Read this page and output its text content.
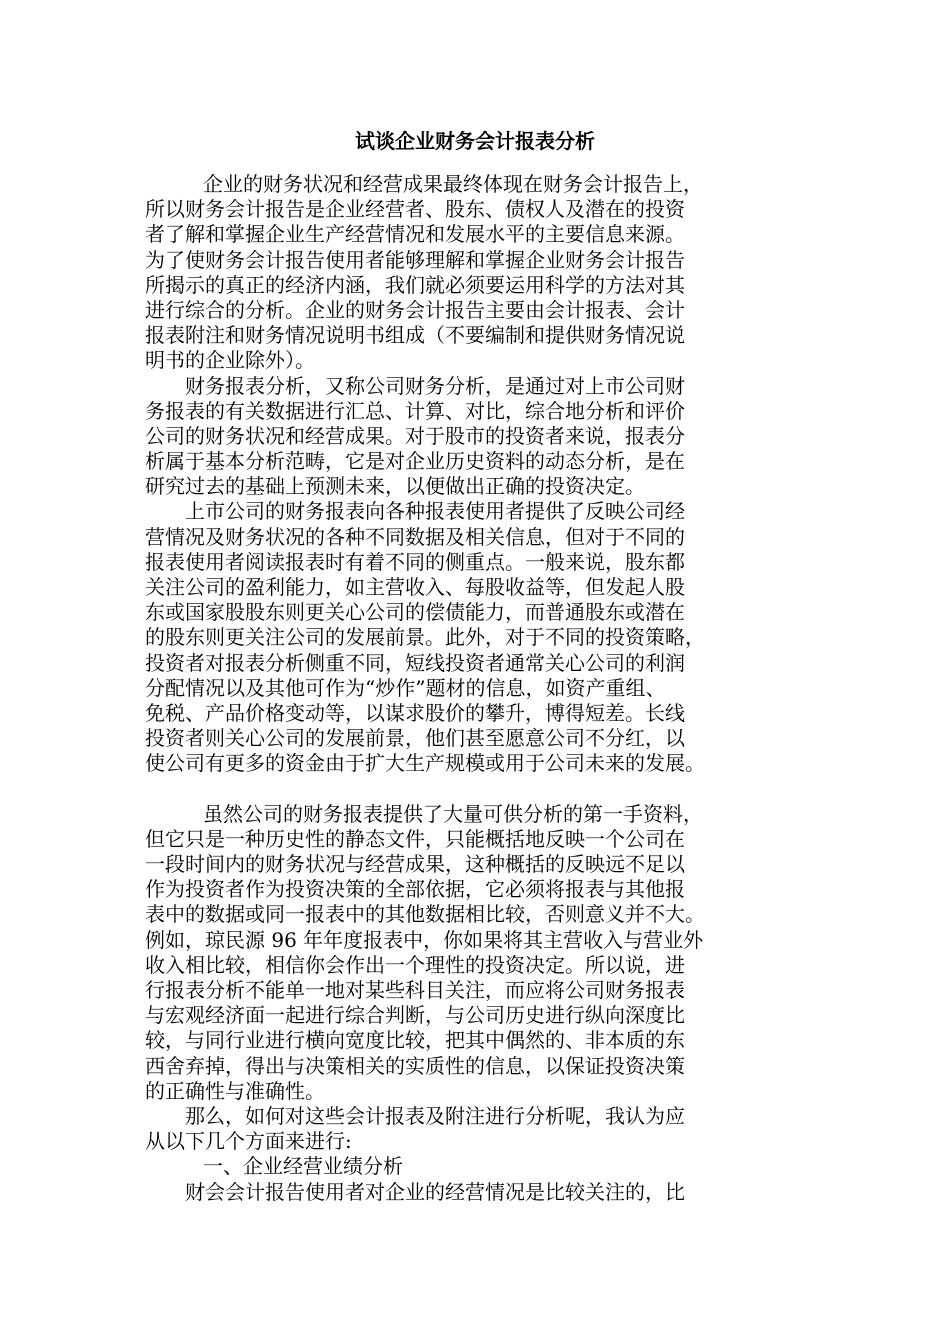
试谈企业财务会计报表分析
企业的财务状况和经营成果最终体现在财务会计报告上，
所以财务会计报告是企业经营者、股东、债权人及潜在的投资
者了解和掌握企业生产经营情况和发展水平的主要信息来源。
为了使财务会计报告使用者能够理解和掌握企业财务会计报告
所揭示的真正的经济内涵，我们就必须要运用科学的方法对其
进行综合的分析。企业的财务会计报告主要由会计报表、会计
报表附注和财务情况说明书组成（不要编制和提供财务情况说
明书的企业除外）。
财务报表分析，又称公司财务分析，是通过对上市公司财
务报表的有关数据进行汇总、计算、对比，综合地分析和评价
公司的财务状况和经营成果。对于股市的投资者来说，报表分
析属于基本分析范畴，它是对企业历史资料的动态分析，是在
研究过去的基础上预测未来，以便做出正确的投资决定。
上市公司的财务报表向各种报表使用者提供了反映公司经
营情况及财务状况的各种不同数据及相关信息，但对于不同的
报表使用者阅读报表时有着不同的侧重点。一般来说，股东都
关注公司的盈利能力，如主营收入、每股收益等，但发起人股
东或国家股股东则更关心公司的偿债能力，而普通股东或潜在
的股东则更关注公司的发展前景。此外，对于不同的投资策略，
投资者对报表分析侧重不同，短线投资者通常关心公司的利润
分配情况以及其他可作为“炒作”题材的信息，如资产重组、
免税、产品价格变动等，以谋求股价的攀升，博得短差。长线
投资者则关心公司的发展前景，他们甚至愿意公司不分红，以
使公司有更多的资金由于扩大生产规模或用于公司未来的发展。
虽然公司的财务报表提供了大量可供分析的第一手资料，
但它只是一种历史性的静态文件，只能概括地反映一个公司在
一段时间内的财务状况与经营成果，这种概括的反映远不足以
作为投资者作为投资决策的全部依据，它必须将报表与其他报
表中的数据或同一报表中的其他数据相比较，否则意义并不大。
例如，琼民源 96 年年度报表中，你如果将其主营收入与营业外
收入相比较，相信你会作出一个理性的投资决定。所以说，进
行报表分析不能单一地对某些科目关注，而应将公司财务报表
与宏观经济面一起进行综合判断，与公司历史进行纵向深度比
较，与同行业进行横向宽度比较，把其中偶然的、非本质的东
西舍弃掉，得出与决策相关的实质性的信息，以保证投资决策
的正确性与准确性。
那么，如何对这些会计报表及附注进行分析呢，我认为应
从以下几个方面来进行:
一、企业经营业绩分析
财会会计报告使用者对企业的经营情况是比较关注的，比
